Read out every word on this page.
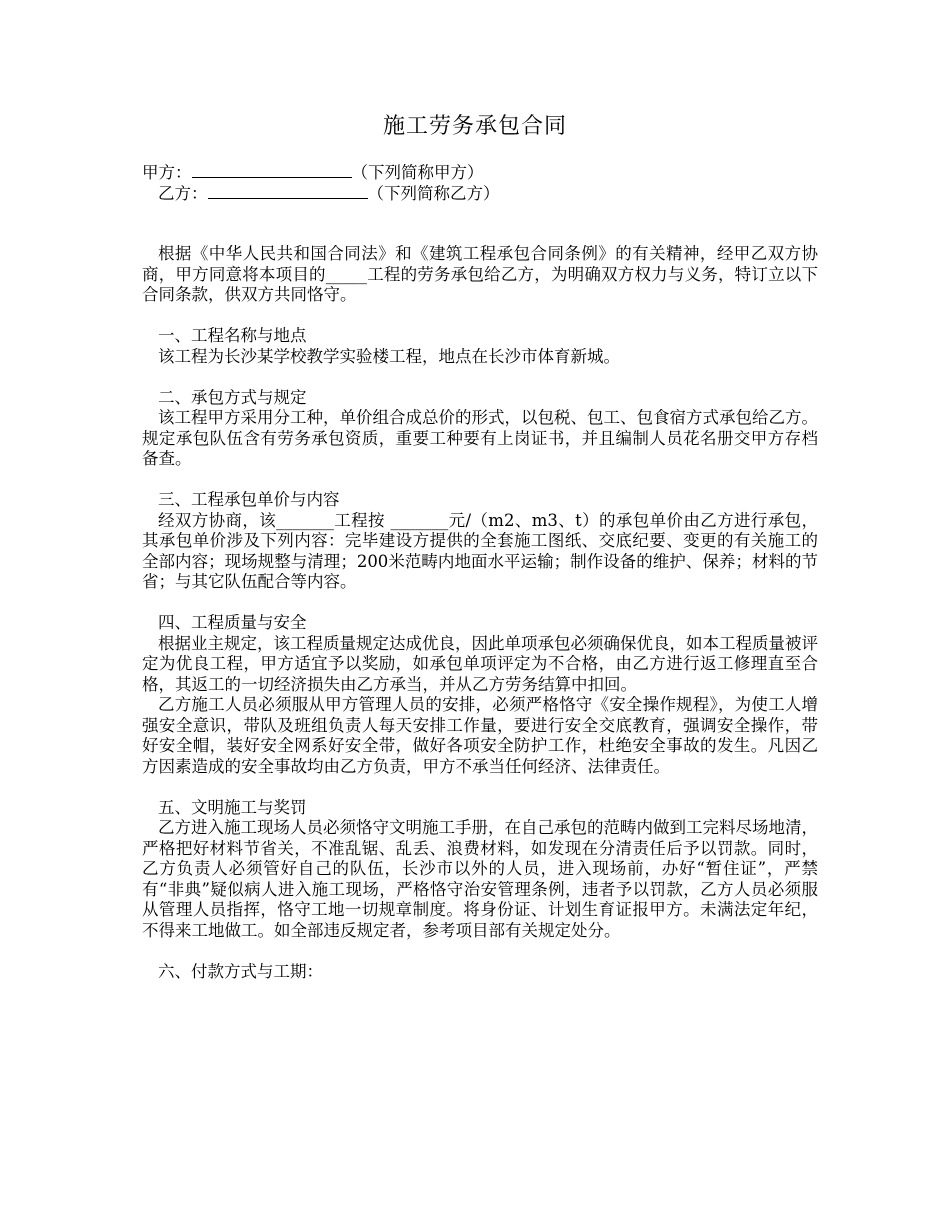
施工劳务承包合同
甲方：	（下列简称甲方）
乙方：	（下列简称乙方）

根据《中华人民共和国合同法》和《建筑工程承包合同条例》的有关精神，经甲乙双方协商，甲方同意将本项目的_____工程的劳务承包给乙方，为明确双方权力与义务，特订立以下合同条款，供双方共同恪守。

一、工程名称与地点

该工程为长沙某学校教学实验楼工程，地点在长沙市体育新城。

二、承包方式与规定

该工程甲方采用分工种，单价组合成总价的形式，以包税、包工、包食宿方式承包给乙方。规定承包队伍含有劳务承包资质，重要工种要有上岗证书，并且编制人员花名册交甲方存档备查。

三、工程承包单价与内容

经双方协商，该_______工程按 _______元/（m2、m3、t）的承包单价由乙方进行承包，其承包单价涉及下列内容：完毕建设方提供的全套施工图纸、交底纪要、变更的有关施工的全部内容；现场规整与清理；200米范畴内地面水平运输；制作设备的维护、保养；材料的节省；与其它队伍配合等内容。

四、工程质量与安全

根据业主规定，该工程质量规定达成优良，因此单项承包必须确保优良，如本工程质量被评定为优良工程，甲方适宜予以奖励，如承包单项评定为不合格，由乙方进行返工修理直至合格，其返工的一切经济损失由乙方承当，并从乙方劳务结算中扣回。

乙方施工人员必须服从甲方管理人员的安排，必须严格恪守《安全操作规程》，为使工人增强安全意识，带队及班组负责人每天安排工作量，要进行安全交底教育，强调安全操作，带好安全帽，装好安全网系好安全带，做好各项安全防护工作，杜绝安全事故的发生。凡因乙方因素造成的安全事故均由乙方负责，甲方不承当任何经济、法律责任。

五、文明施工与奖罚

乙方进入施工现场人员必须恪守文明施工手册，在自己承包的范畴内做到工完料尽场地清，严格把好材料节省关，不准乱锯、乱丢、浪费材料，如发现在分清责任后予以罚款。同时，乙方负责人必须管好自己的队伍，长沙市以外的人员，进入现场前，办好“暂住证”，严禁有“非典”疑似病人进入施工现场，严格恪守治安管理条例，违者予以罚款，乙方人员必须服从管理人员指挥，恪守工地一切规章制度。将身份证、计划生育证报甲方。未满法定年纪，不得来工地做工。如全部违反规定者，参考项目部有关规定处分。

六、付款方式与工期：
